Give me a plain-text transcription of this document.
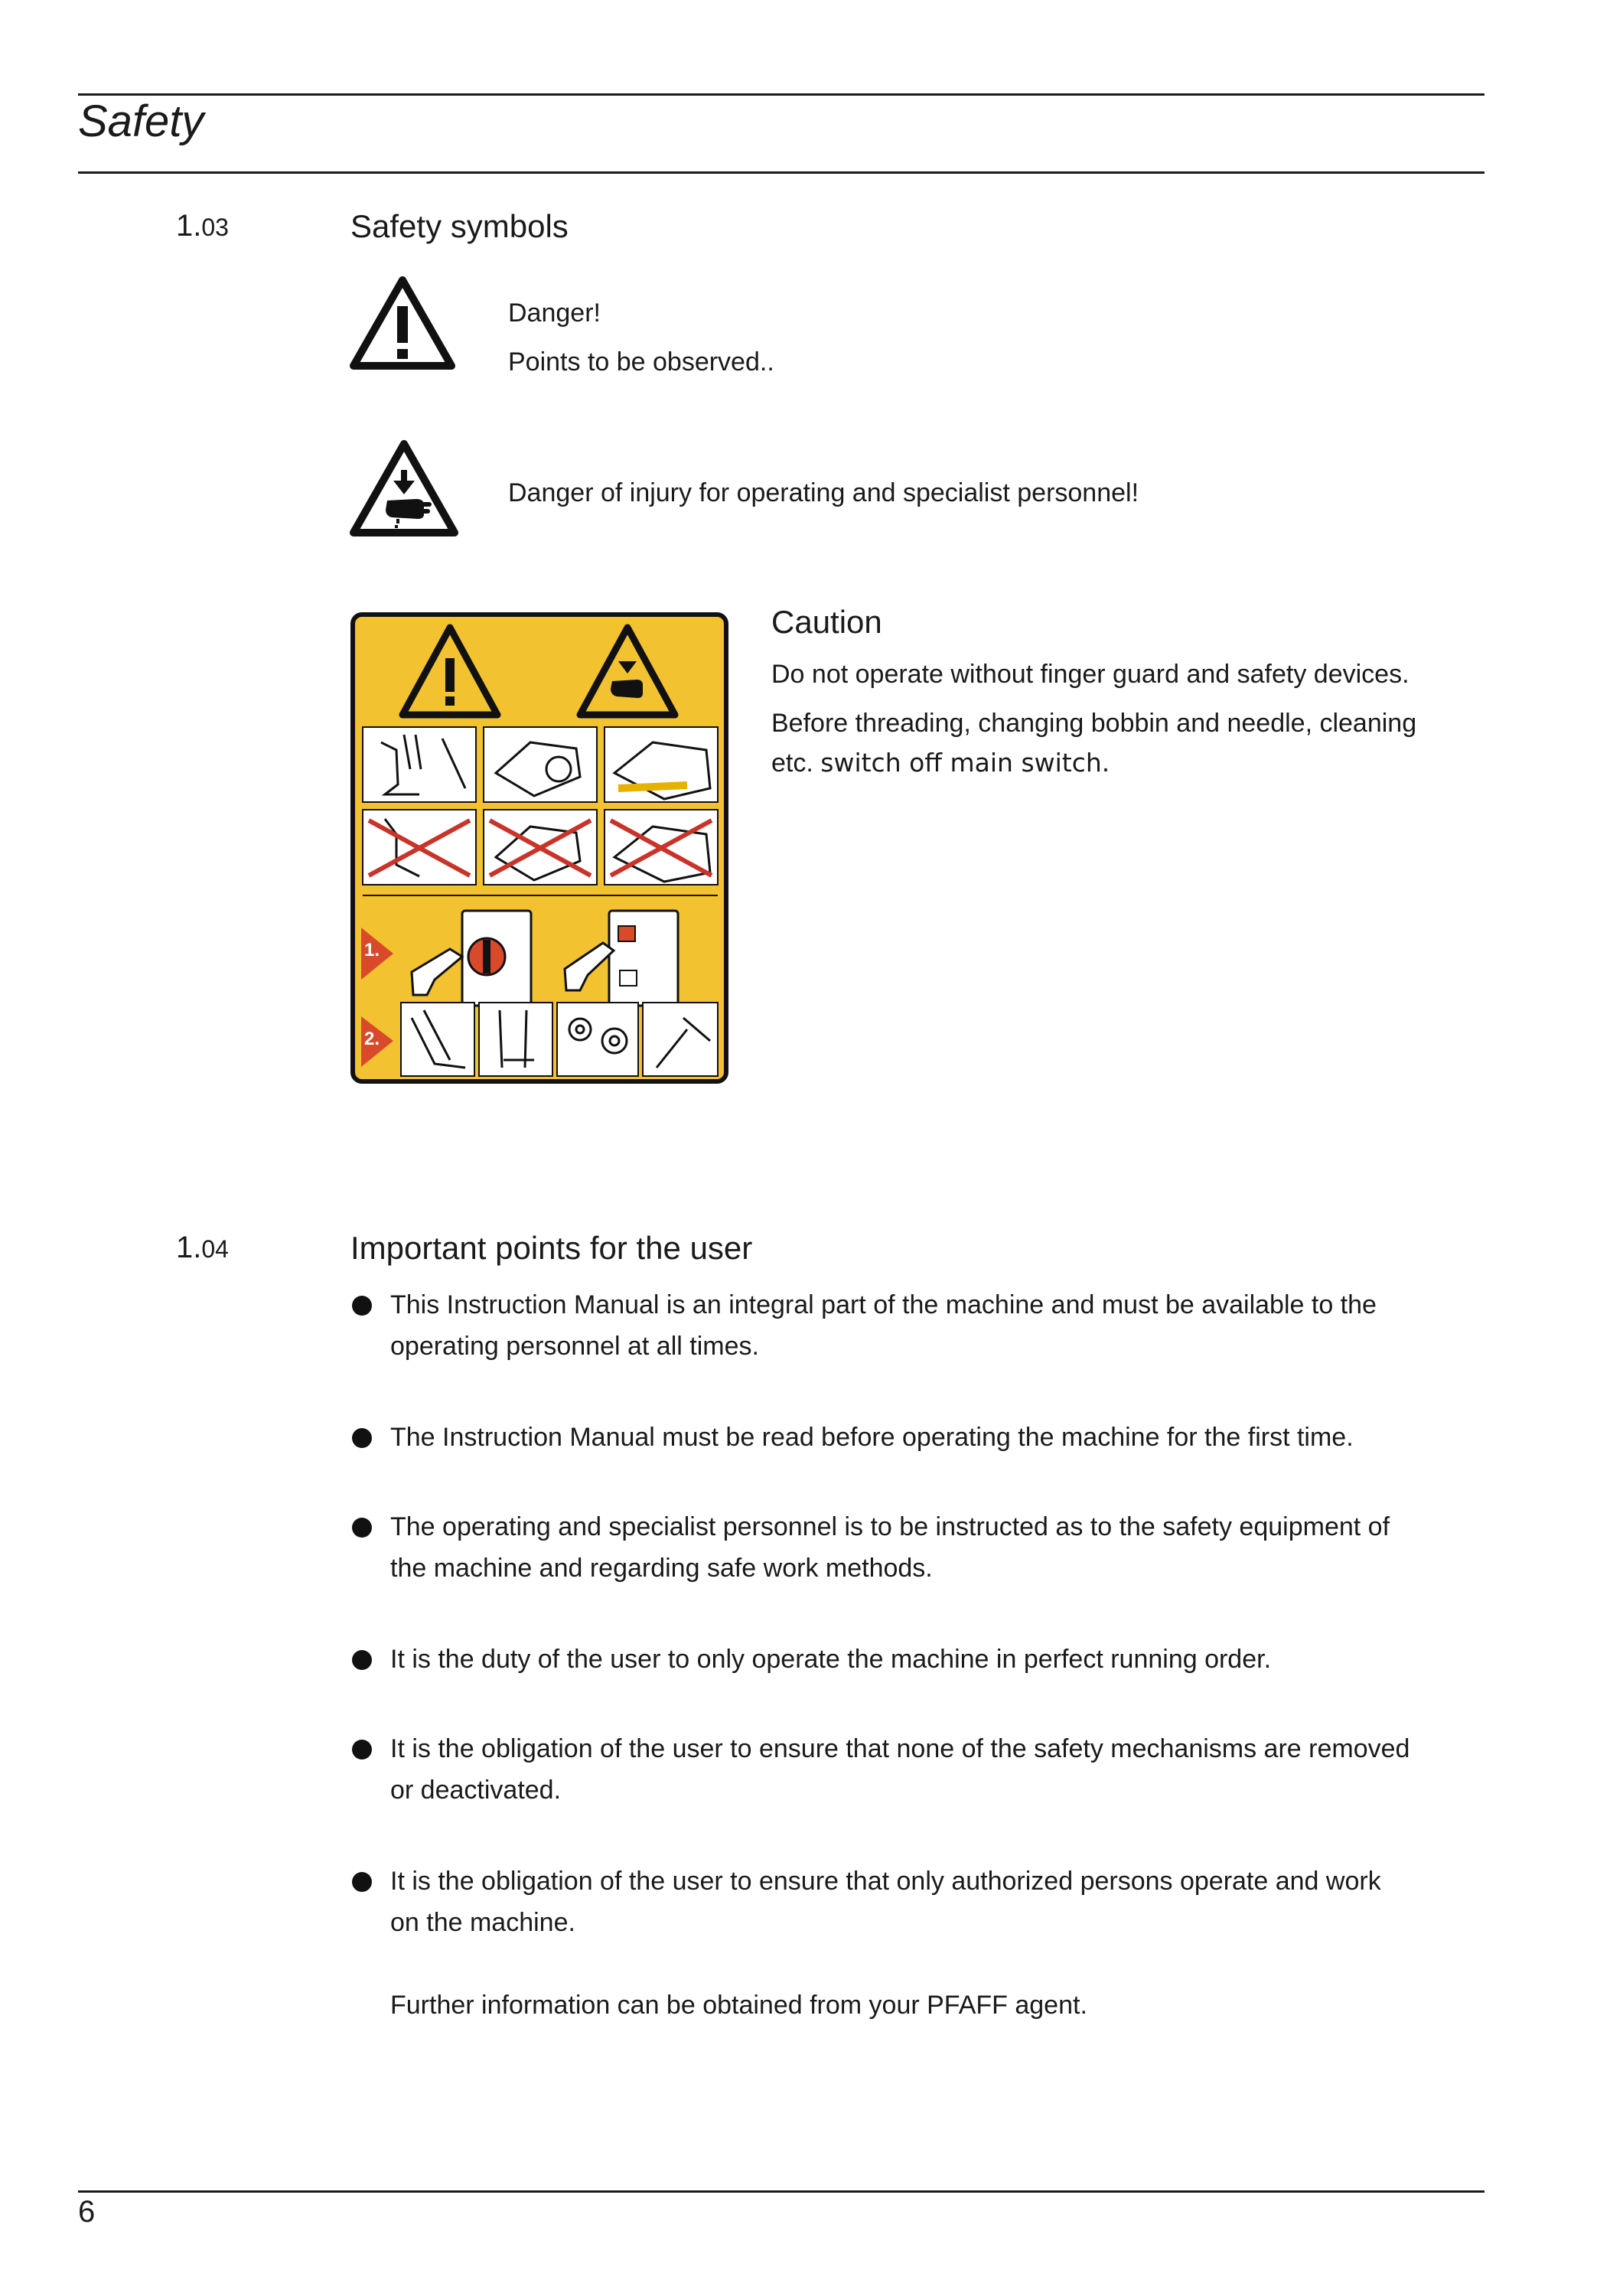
Safety
1.03	Safety symbols
Danger!
Points to be observed..
Danger of injury for operating and specialist personnel!
1.
2.
Caution
Do not operate without finger guard and safety devices.
Before threading, changing bobbin and needle, cleaning
etc. switch off main switch.
1.04	Important points for the user
This Instruction Manual is an integral part of the machine and must be available to the
operating personnel at all times.
The Instruction Manual must be read before operating the machine for the first time.
The operating and specialist personnel is to be instructed as to the safety equipment of
the machine and regarding safe work methods.
It is the duty of the user to only operate the machine in perfect running order.
It is the obligation of the user to ensure that none of the safety mechanisms are removed
or deactivated.
It is the obligation of the user to ensure that only authorized persons operate and work
on the machine.
Further information can be obtained from your PFAFF agent.
6
